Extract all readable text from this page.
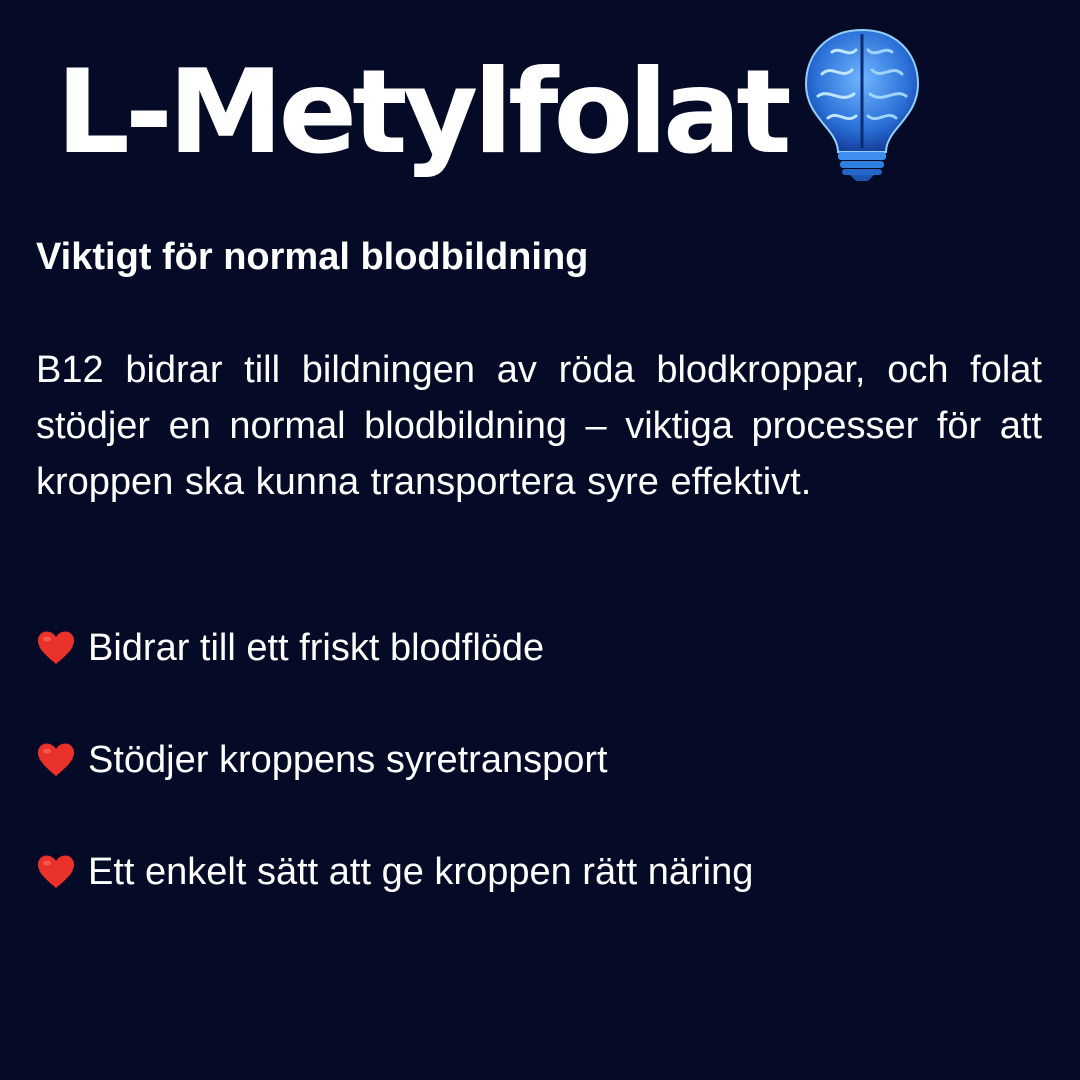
L-Metylfolat
Viktigt för normal blodbildning

B12 bidrar till bildningen av röda blodkroppar, och folat stödjer en normal blodbildning – viktiga processer för att kroppen ska kunna transportera syre effektivt.

Bidrar till ett friskt blodflöde
Stödjer kroppens syretransport
Ett enkelt sätt att ge kroppen rätt näring
